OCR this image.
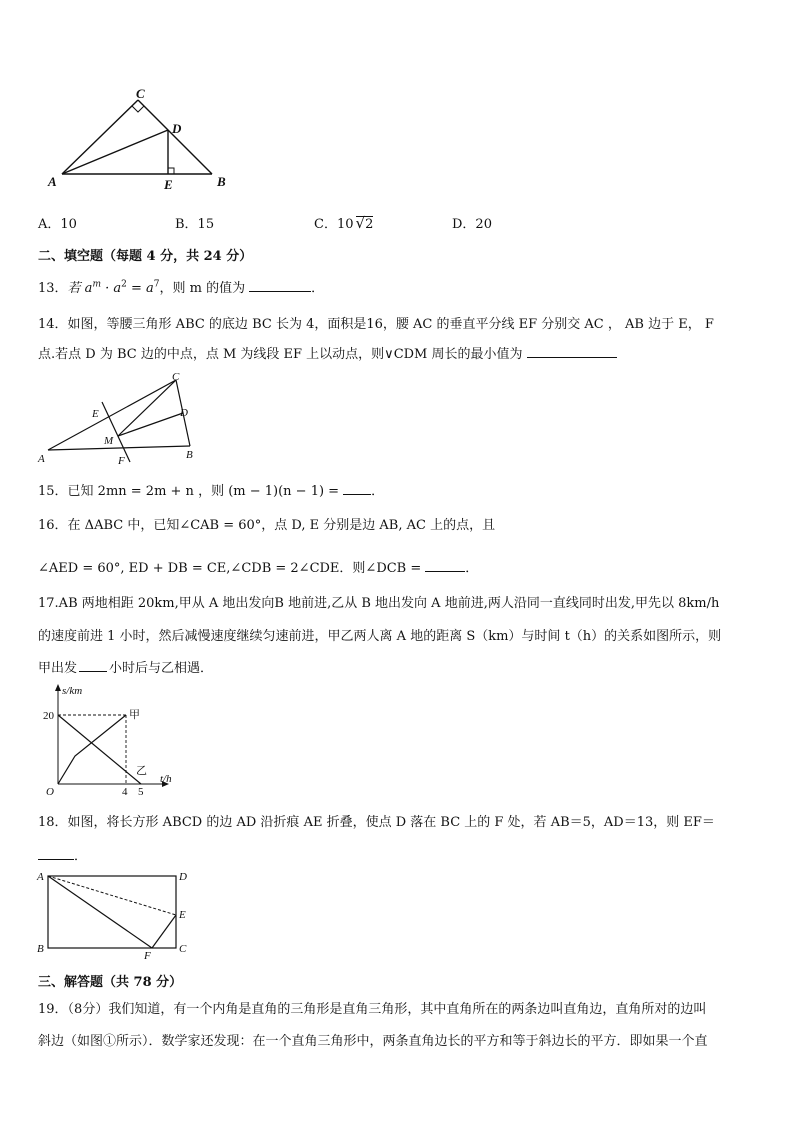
C
D
A	E	B
A．10	B．15	C．10 √2	D．20
二、填空题（每题 4 分，共 24 分）
13．若 $a^m \cdot a^2 = a^7$，则 m 的值为	．
14．如图，等腰三角形 ABC 的底边 BC 长为 4，面积是16，腰 AC 的垂直平分线 EF 分别交 AC ， AB 边于 E， F
点.若点 D 为 BC 边的中点，点 M 为线段 EF 上以动点，则∨CDM 周长的最小值为
C
E	D
M
A	F	B
15．已知 2mn = 2m + n ，则 (m − 1)(n − 1) = ．
16．在 ΔABC 中，已知∠CAB = 60°，点 D, E 分别是边 AB, AC 上的点，且
∠AED = 60°, ED + DB = CE,∠CDB = 2∠CDE．则∠DCB =	．
17.AB 两地相距 20km,甲从 A 地出发向B 地前进,乙从 B 地出发向 A 地前进,两人沿同一直线同时出发,甲先以 8km/h
的速度前进 1 小时，然后减慢速度继续匀速前进，甲乙两人离 A 地的距离 S（km）与时间 t（h）的关系如图所示，则
甲出发 小时后与乙相遇．
s/km
t/h
20
4 5
O
甲
乙
18．如图，将长方形 ABCD 的边 AD 沿折痕 AE 折叠，使点 D 落在 BC 上的 F 处，若 AB＝5，AD＝13，则 EF＝
．
A	D
E
B	C
F
三、解答题（共 78 分）
19．（8分）我们知道，有一个内角是直角的三角形是直角三角形，其中直角所在的两条边叫直角边，直角所对的边叫
斜边（如图①所示）．数学家还发现：在一个直角三角形中，两条直角边长的平方和等于斜边长的平方．即如果一个直
